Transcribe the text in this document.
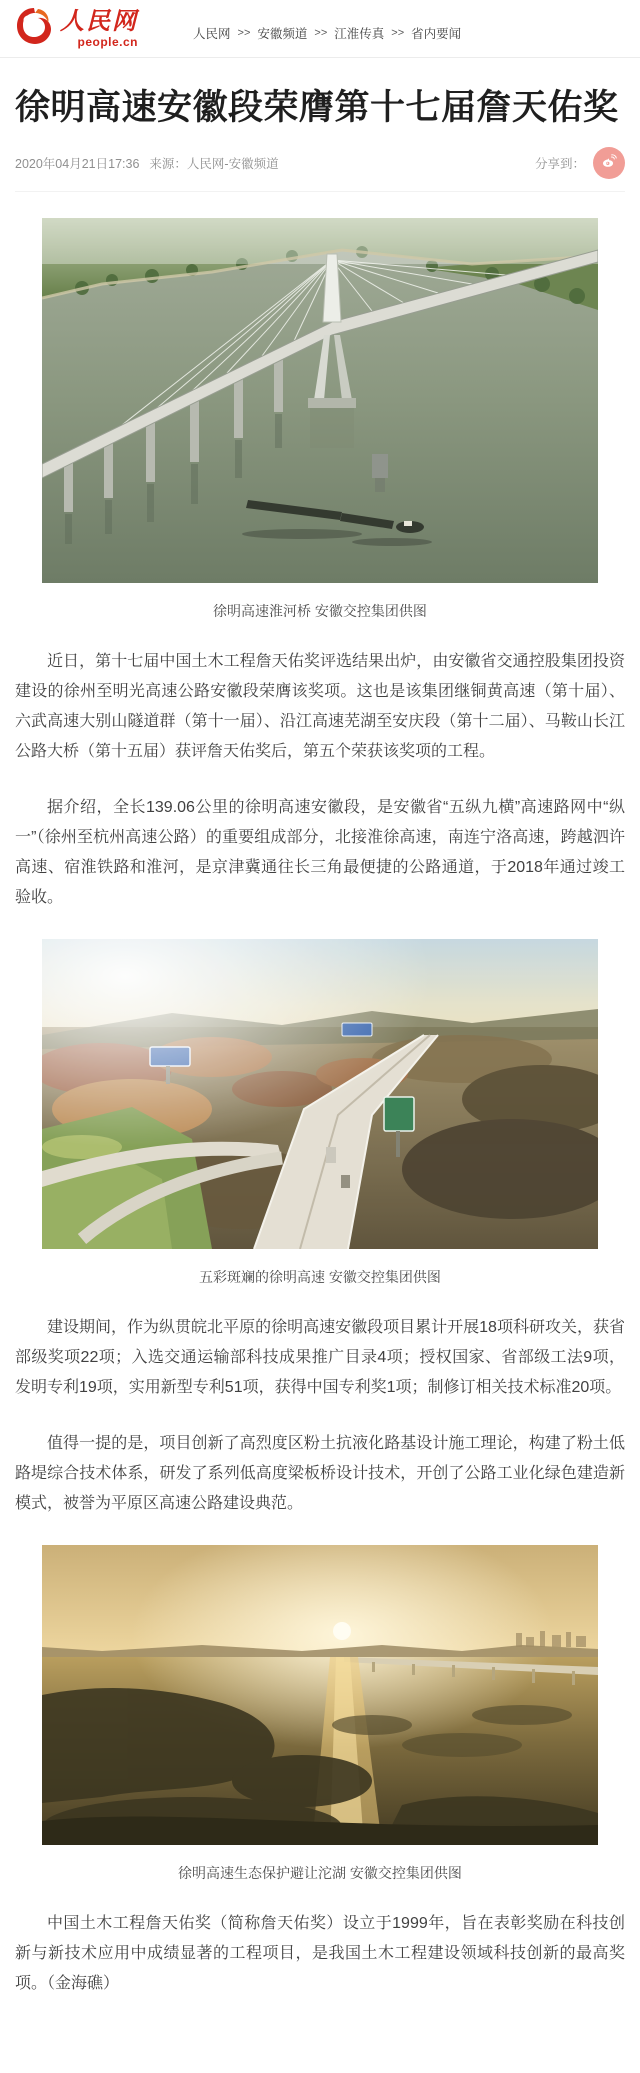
人民网
people.cn
人民网 >> 安徽频道 >> 江淮传真 >> 省内要闻
徐明高速安徽段荣膺第十七届詹天佑奖
2020年04月21日17:36 来源：人民网-安徽频道	分享到：
徐明高速淮河桥 安徽交控集团供图

近日，第十七届中国土木工程詹天佑奖评选结果出炉，由安徽省交通控股集团投资建设的徐州至明光高速公路安徽段荣膺该奖项。这也是该集团继铜黄高速（第十届）、六武高速大别山隧道群（第十一届）、沿江高速芜湖至安庆段（第十二届）、马鞍山长江公路大桥（第十五届）获评詹天佑奖后，第五个荣获该奖项的工程。

据介绍，全长139.06公里的徐明高速安徽段，是安徽省“五纵九横”高速路网中“纵一”（徐州至杭州高速公路）的重要组成部分，北接淮徐高速，南连宁洛高速，跨越泗许高速、宿淮铁路和淮河，是京津冀通往长三角最便捷的公路通道，于2018年通过竣工验收。

五彩斑斓的徐明高速 安徽交控集团供图

建设期间，作为纵贯皖北平原的徐明高速安徽段项目累计开展18项科研攻关，获省部级奖项22项；入选交通运输部科技成果推广目录4项；授权国家、省部级工法9项，发明专利19项，实用新型专利51项，获得中国专利奖1项；制修订相关技术标准20项。

值得一提的是，项目创新了高烈度区粉土抗液化路基设计施工理论，构建了粉土低路堤综合技术体系，研发了系列低高度梁板桥设计技术，开创了公路工业化绿色建造新模式，被誉为平原区高速公路建设典范。

徐明高速生态保护避让沱湖 安徽交控集团供图

中国土木工程詹天佑奖（简称詹天佑奖）设立于1999年，旨在表彰奖励在科技创新与新技术应用中成绩显著的工程项目，是我国土木工程建设领域科技创新的最高奖项。（金海礁）
